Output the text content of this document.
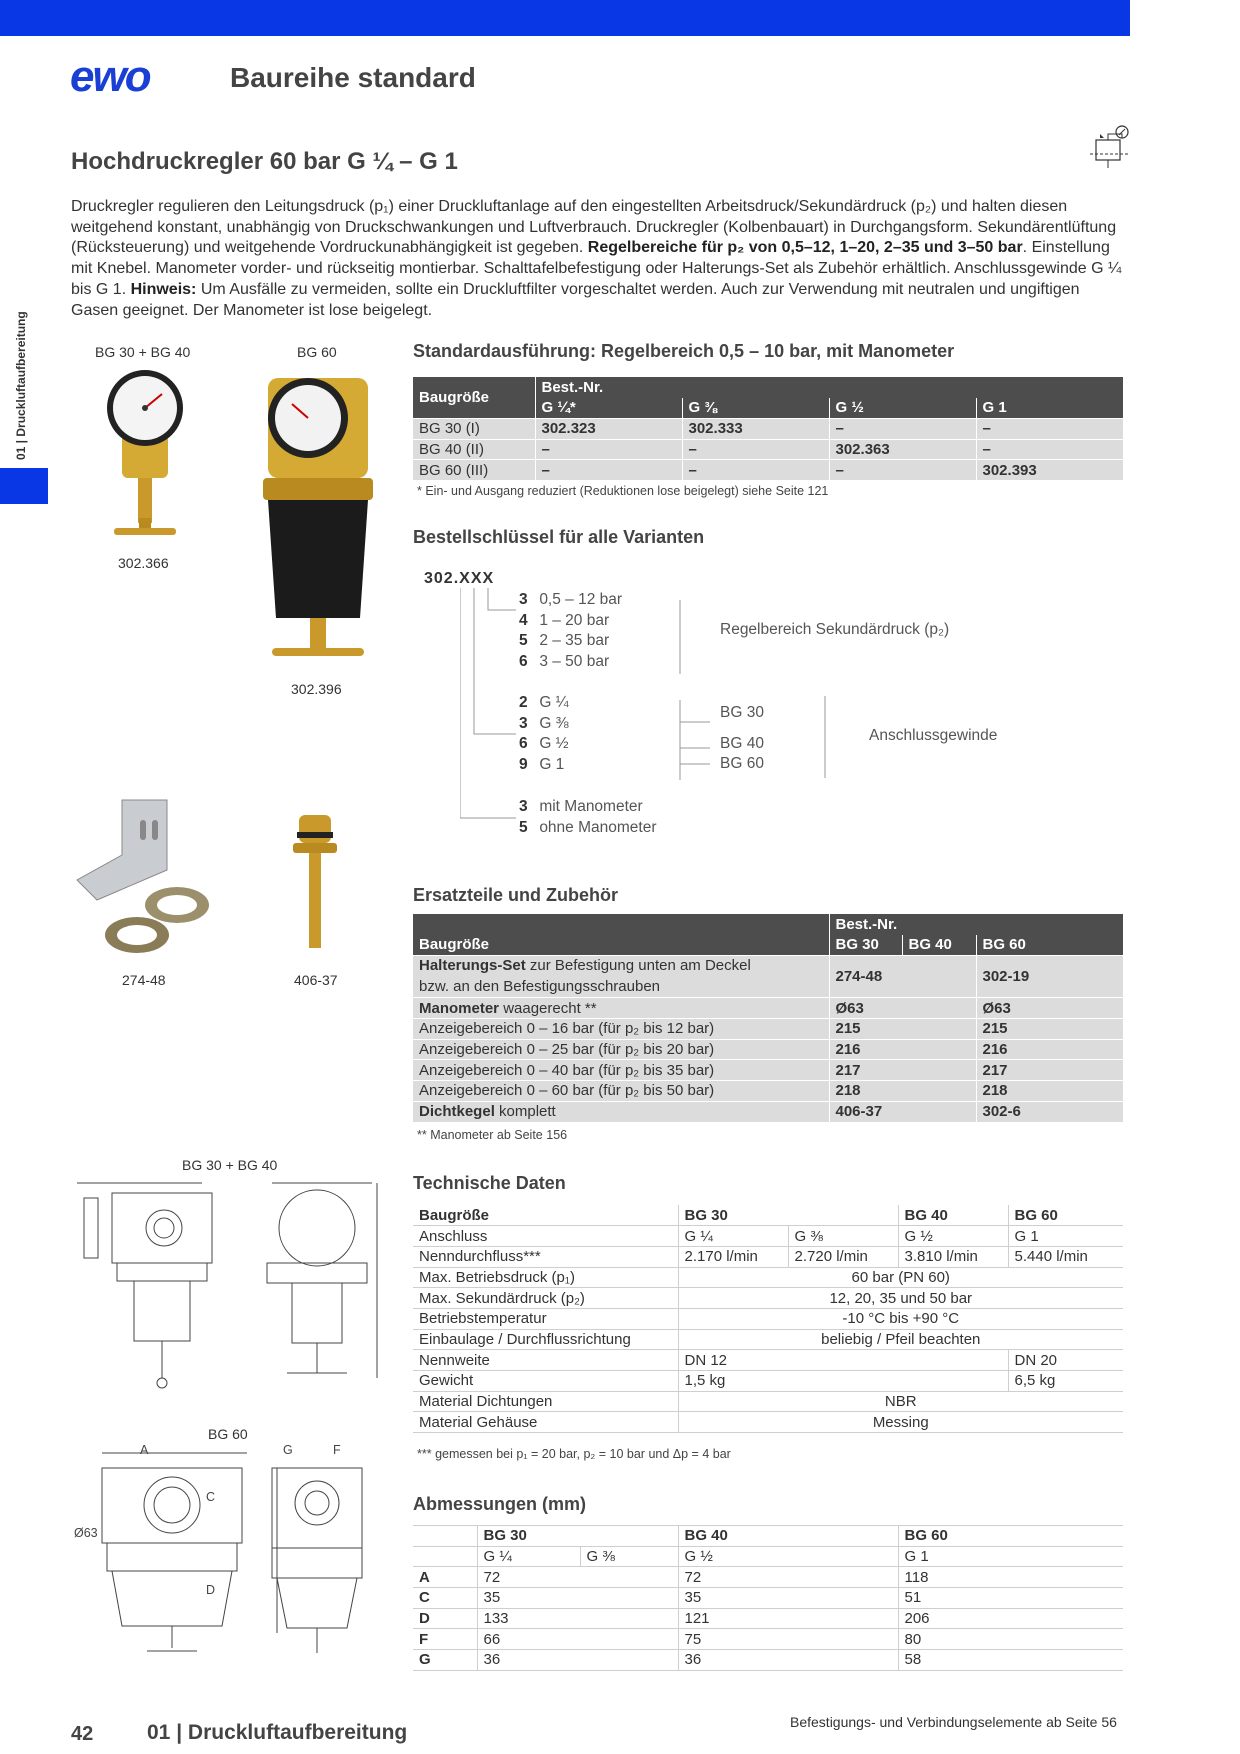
ewo	Baureihe standard
01 | Druckluftaufbereitung
Hochdruckregler 60 bar G ¼ – G 1
Druckregler regulieren den Leitungsdruck (p₁) einer Druckluftanlage auf den eingestellten Arbeitsdruck/Sekundärdruck (p₂) und halten diesen weitgehend konstant, unabhängig von Druckschwankungen und Luftverbrauch. Druckregler (Kolbenbauart) in Durchgangsform. Sekundärentlüftung (Rücksteuerung) und weitgehende Vordruckunabhängigkeit ist gegeben. Regelbereiche für p₂ von 0,5–12, 1–20, 2–35 und 3–50 bar. Einstellung mit Knebel. Manometer vorder- und rückseitig montierbar. Schalttafelbefestigung oder Halterungs-Set als Zubehör erhältlich. Anschlussgewinde G ¼ bis G 1. Hinweis: Um Ausfälle zu vermeiden, sollte ein Druckluftfilter vorgeschaltet werden. Auch zur Verwendung mit neutralen und ungiftigen Gasen geeignet. Der Manometer ist lose beigelegt.
BG 30 + BG 40	BG 60
302.366
302.396
274-48	406-37
BG 30 + BG 40
BG 60
A	G	F
C
D
Ø63
Standardausführung: Regelbereich 0,5 – 10 bar, mit Manometer
Baugröße	Best.-Nr.			
	G ¼*	G ⅜	G ½	G 1
BG 30 (I)	302.323	302.333	–	–
BG 40 (II)	–	–	302.363	–
BG 60 (III)	–	–	–	302.393
* Ein- und Ausgang reduziert (Reduktionen lose beigelegt) siehe Seite 121
Bestellschlüssel für alle Varianten
302.XXX
3 0,5 – 12 bar
4 1 – 20 bar
5 2 – 35 bar
6 3 – 50 bar
Regelbereich Sekundärdruck (p₂)
2 G ¼
3 G ⅜
6 G ½
9 G 1
BG 30
BG 40
BG 60
Anschlussgewinde
3 mit Manometer
5 ohne Manometer
Ersatzteile und Zubehör
	Best.-Nr.		
Baugröße	BG 30	BG 40	BG 60
Halterungs-Set zur Befestigung unten am Deckel
bzw. an den Befestigungsschrauben	274-48		302-19
Manometer waagerecht **	Ø63		Ø63
Anzeigebereich 0 – 16 bar (für p₂ bis 12 bar)	215		215
Anzeigebereich 0 – 25 bar (für p₂ bis 20 bar)	216		216
Anzeigebereich 0 – 40 bar (für p₂ bis 35 bar)	217		217
Anzeigebereich 0 – 60 bar (für p₂ bis 50 bar)	218		218
Dichtkegel komplett	406-37		302-6
** Manometer ab Seite 156
Technische Daten
Baugröße	BG 30		BG 40	BG 60
Anschluss	G ¼	G ⅜	G ½	G 1
Nenndurchfluss***	2.170 l/min	2.720 l/min	3.810 l/min	5.440 l/min
Max. Betriebsdruck (p₁)	60 bar (PN 60)			
Max. Sekundärdruck (p₂)	12, 20, 35 und 50 bar			
Betriebstemperatur	-10 °C bis +90 °C			
Einbaulage / Durchflussrichtung	beliebig / Pfeil beachten			
Nennweite	DN 12			DN 20
Gewicht	1,5 kg			6,5 kg
Material Dichtungen	NBR			
Material Gehäuse	Messing			
*** gemessen bei p₁ = 20 bar, p₂ = 10 bar und Δp = 4 bar
Abmessungen (mm)
	BG 30		BG 40	BG 60
	G ¼	G ⅜	G ½	G 1
A	72		72	118
C	35		35	51
D	133		121	206
F	66		75	80
G	36		36	58
42	01 | Druckluftaufbereitung	Befestigungs- und Verbindungselemente ab Seite 56
